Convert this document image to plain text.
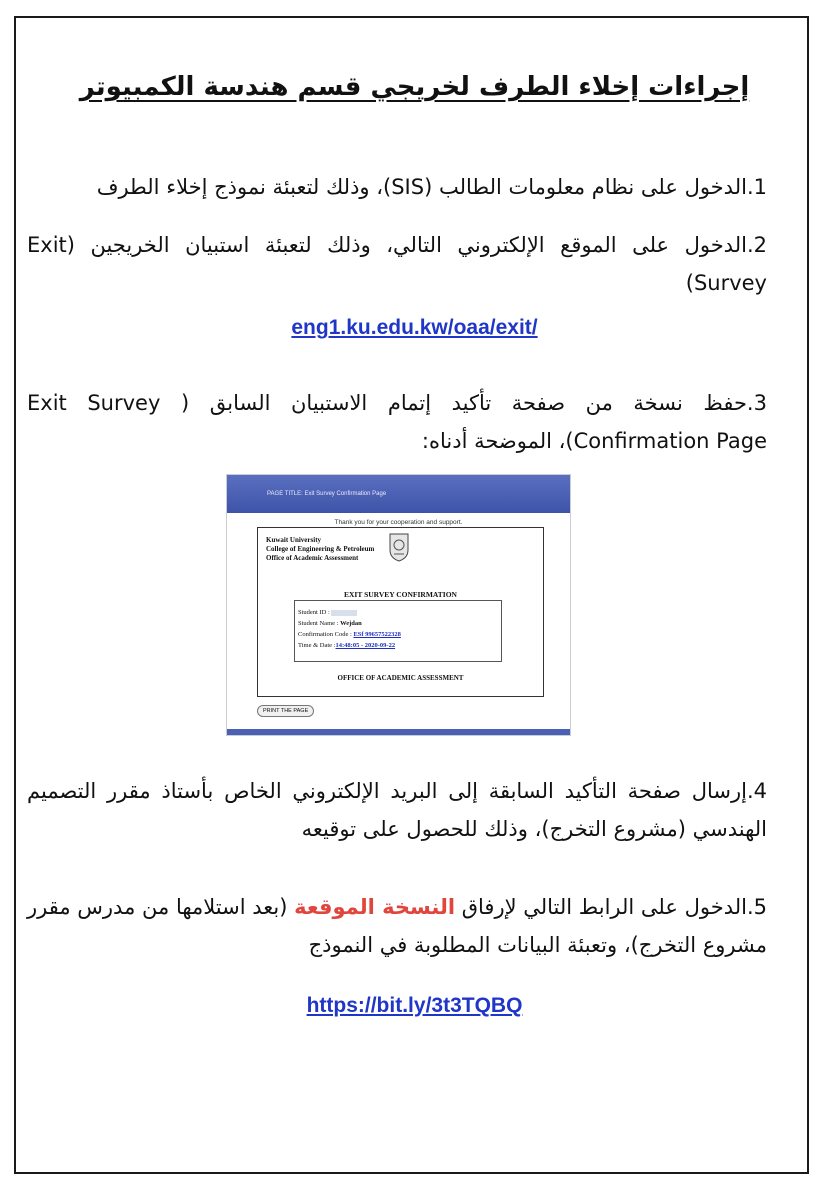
إجراءات إخلاء الطرف لخريجي قسم هندسة الكمبيوتر

1.الدخول على نظام معلومات الطالب (SIS)، وذلك لتعبئة نموذج إخلاء الطرف

2.الدخول على الموقع الإلكتروني التالي، وذلك لتعبئة استبيان الخريجين (Exit Survey)

eng1.ku.edu.kw/oaa/exit/

3.حفظ نسخة من صفحة تأكيد إتمام الاستبيان السابق ( Exit Survey Confirmation Page)، الموضحة أدناه:

PAGE TITLE: Exit Survey Confirmation Page
Thank you for your cooperation and support.
Kuwait University
College of Engineering & Petroleum
Office of Academic Assessment
EXIT SURVEY CONFIRMATION
Student ID :
Student Name : Wejdan
Confirmation Code : ESf 99657522328
Time & Date :14:48:05 - 2020-09-22
OFFICE OF ACADEMIC ASSESSMENT
PRINT THE PAGE

4.إرسال صفحة التأكيد السابقة إلى البريد الإلكتروني الخاص بأستاذ مقرر التصميم الهندسي (مشروع التخرج)، وذلك للحصول على توقيعه

5.الدخول على الرابط التالي لإرفاق النسخة الموقعة (بعد استلامها من مدرس مقرر مشروع التخرج)، وتعبئة البيانات المطلوبة في النموذج

https://bit.ly/3t3TQBQ
